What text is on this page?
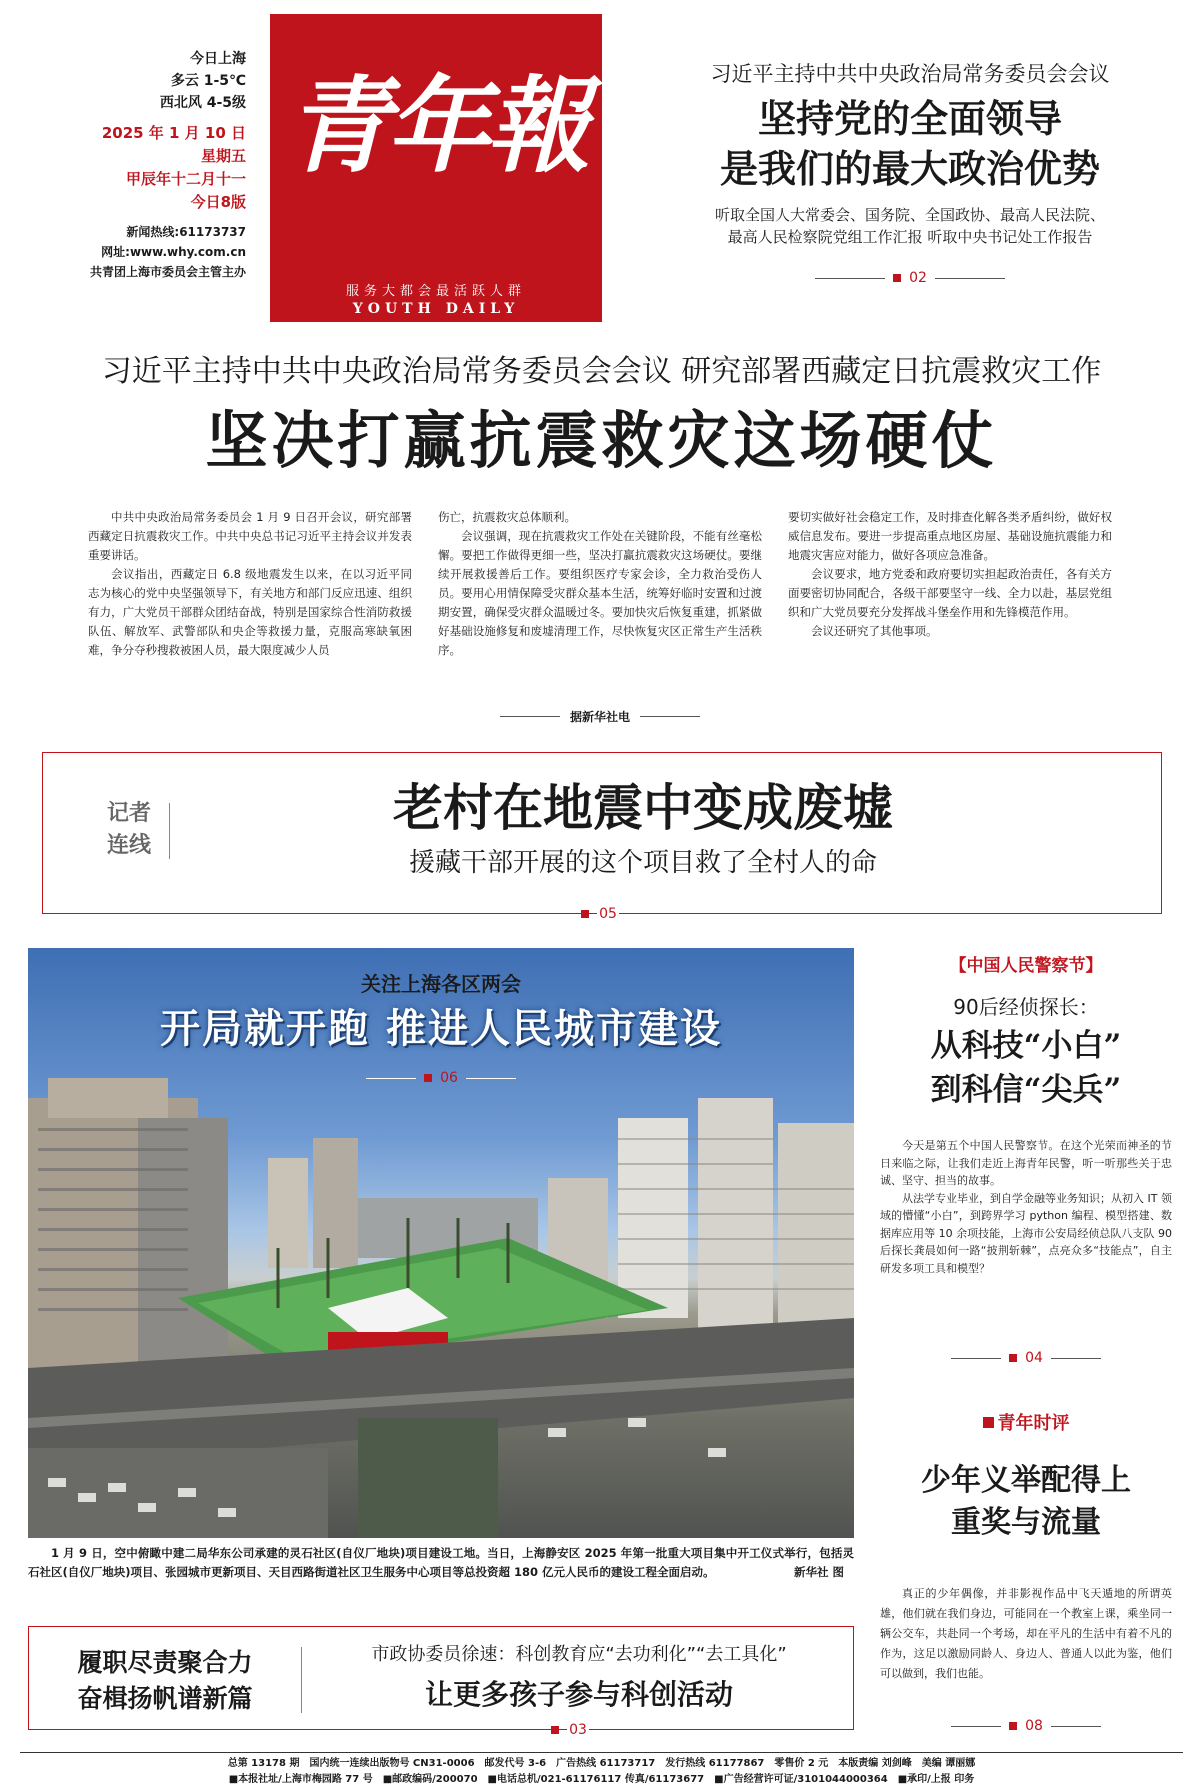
今日上海
多云 1-5℃
西北风 4-5级
2025 年 1 月 10 日
星期五
甲辰年十二月十一
今日8版
新闻热线:61173737
网址:www.why.com.cn
共青团上海市委员会主管主办
青年報
服务大都会最活跃人群
YOUTH DAILY
习近平主持中共中央政治局常务委员会会议
坚持党的全面领导
是我们的最大政治优势
听取全国人大常委会、国务院、全国政协、最高人民法院、
最高人民检察院党组工作汇报 听取中央书记处工作报告
02
习近平主持中共中央政治局常务委员会会议 研究部署西藏定日抗震救灾工作
坚决打赢抗震救灾这场硬仗

中共中央政治局常务委员会 1 月 9 日召开会议，研究部署西藏定日抗震救灾工作。中共中央总书记习近平主持会议并发表重要讲话。

会议指出，西藏定日 6.8 级地震发生以来，在以习近平同志为核心的党中央坚强领导下，有关地方和部门反应迅速、组织有力，广大党员干部群众团结奋战，特别是国家综合性消防救援队伍、解放军、武警部队和央企等救援力量，克服高寒缺氧困难，争分夺秒搜救被困人员，最大限度减少人员

伤亡，抗震救灾总体顺利。

会议强调，现在抗震救灾工作处在关键阶段，不能有丝毫松懈。要把工作做得更细一些，坚决打赢抗震救灾这场硬仗。要继续开展救援善后工作。要组织医疗专家会诊，全力救治受伤人员。要用心用情保障受灾群众基本生活，统筹好临时安置和过渡期安置，确保受灾群众温暖过冬。要加快灾后恢复重建，抓紧做好基础设施修复和废墟清理工作，尽快恢复灾区正常生产生活秩序。

要切实做好社会稳定工作，及时排查化解各类矛盾纠纷，做好权威信息发布。要进一步提高重点地区房屋、基础设施抗震能力和地震灾害应对能力，做好各项应急准备。

会议要求，地方党委和政府要切实担起政治责任，各有关方面要密切协同配合，各级干部要坚守一线、全力以赴，基层党组织和广大党员要充分发挥战斗堡垒作用和先锋模范作用。

会议还研究了其他事项。

据新华社电
记者
连线
老村在地震中变成废墟
援藏干部开展的这个项目救了全村人的命
05
关注上海各区两会
开局就开跑 推进人民城市建设
06
1 月 9 日，空中俯瞰中建二局华东公司承建的灵石社区(自仪厂地块)项目建设工地。当日，上海静安区 2025 年第一批重大项目集中开工仪式举行，包括灵石社区(自仪厂地块)项目、张园城市更新项目、天目西路街道社区卫生服务中心项目等总投资超 180 亿元人民币的建设工程全面启动。	新华社 图
【中国人民警察节】
90后经侦探长：
从科技“小白”
到科信“尖兵”

今天是第五个中国人民警察节。在这个光荣而神圣的节日来临之际，让我们走近上海青年民警，听一听那些关于忠诚、坚守、担当的故事。

从法学专业毕业，到自学金融等业务知识；从初入 IT 领域的懵懂“小白”，到跨界学习 python 编程、模型搭建、数据库应用等 10 余项技能，上海市公安局经侦总队八支队 90 后探长龚晨如何一路“披荆斩棘”，点亮众多“技能点”，自主研发多项工具和模型？

04
青年时评
少年义举配得上
重奖与流量
真正的少年偶像，并非影视作品中飞天遁地的所谓英雄，他们就在我们身边，可能同在一个教室上课，乘坐同一辆公交车，共赴同一个考场，却在平凡的生活中有着不凡的作为，这足以激励同龄人、身边人、普通人以此为鉴，他们可以做到，我们也能。
08
履职尽责聚合力
奋楫扬帆谱新篇
市政协委员徐速：科创教育应“去功利化”“去工具化”
让更多孩子参与科创活动
03
总第 13178 期　国内统一连续出版物号 CN31-0006　邮发代号 3-6　广告热线 61173717　发行热线 61177867　零售价 2 元　本版责编 刘剑峰　美编 谭丽娜
■本报社址/上海市梅园路 77 号　■邮政编码/200070　■电话总机/021-61176117 传真/61173677　■广告经营许可证/3101044000364　■承印/上报 印务
